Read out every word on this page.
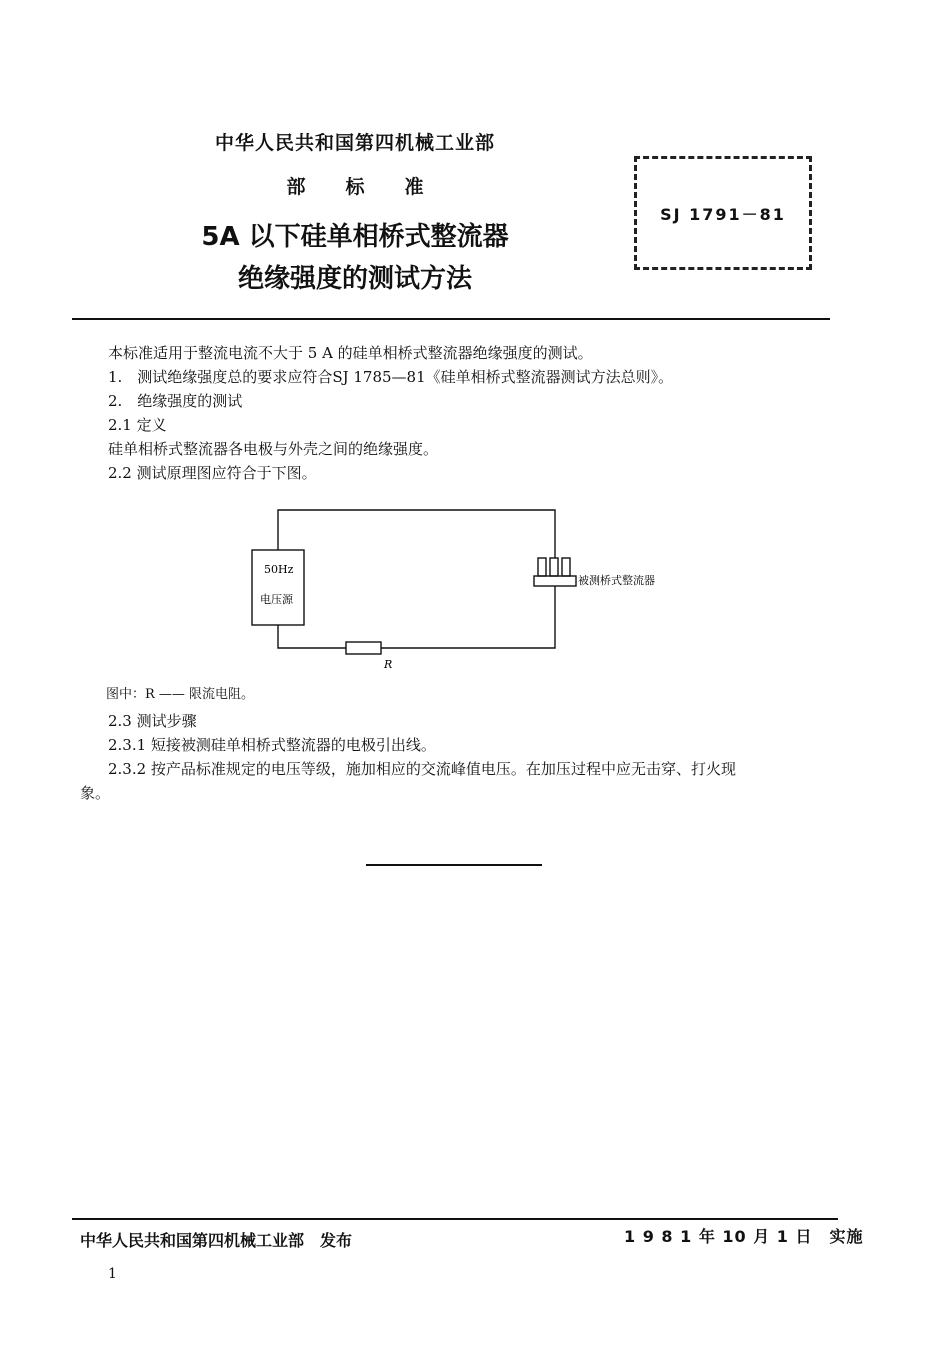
中华人民共和国第四机械工业部
部标准
5A 以下硅单相桥式整流器
绝缘强度的测试方法
SJ 1791－81
本标准适用于整流电流不大于 5 A 的硅单相桥式整流器绝缘强度的测试。
1.　测试绝缘强度总的要求应符合SJ 1785—81《硅单相桥式整流器测试方法总则》。
2.　绝缘强度的测试
2.1 定义
硅单相桥式整流器各电极与外壳之间的绝缘强度。
2.2 测试原理图应符合于下图。
50Hz
电压源
被测桥式整流器
R
图中：R —— 限流电阻。
2.3 测试步骤
2.3.1 短接被测硅单相桥式整流器的电极引出线。
2.3.2 按产品标准规定的电压等级，施加相应的交流峰值电压。在加压过程中应无击穿、打火现
象。
中华人民共和国第四机械工业部　发布	1 9 8 1 年 10 月 1 日　实施
1
